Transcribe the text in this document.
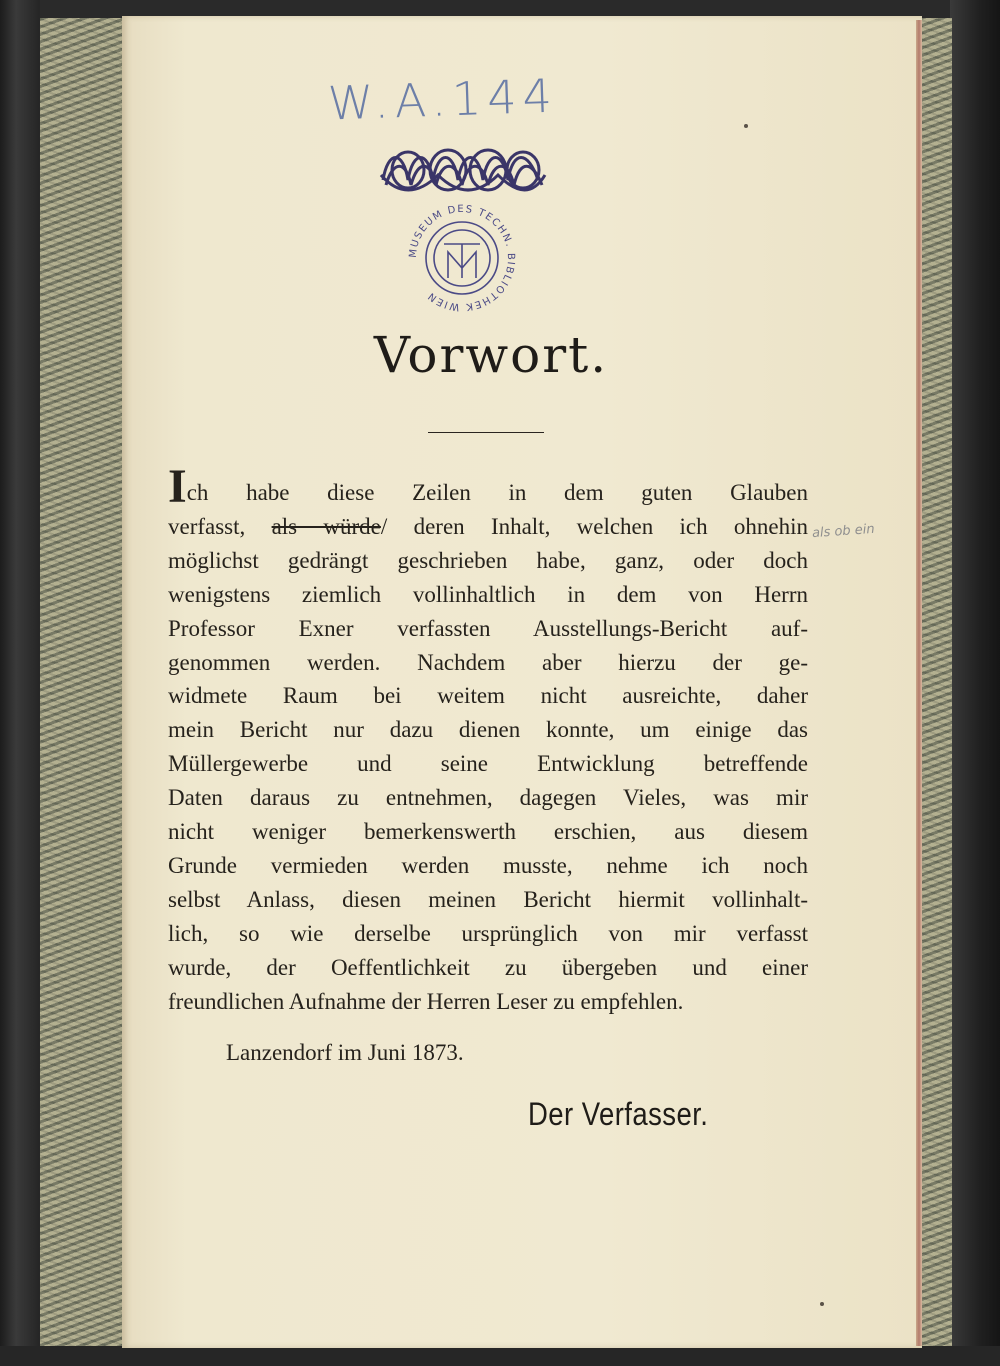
W.A.144
MUSEUM DES TECHN. BIBLIOTHEK WIEN
Vorwort.
Ich habe diese Zeilen in dem guten Glauben
verfasst, als würde/ deren Inhalt, welchen ich ohnehin
möglichst gedrängt geschrieben habe, ganz, oder doch
wenigstens ziemlich vollinhaltlich in dem von Herrn
Professor Exner verfassten Ausstellungs-Bericht auf-
genommen werden. Nachdem aber hierzu der ge-
widmete Raum bei weitem nicht ausreichte, daher
mein Bericht nur dazu dienen konnte, um einige das
Müllergewerbe und seine Entwicklung betreffende
Daten daraus zu entnehmen, dagegen Vieles, was mir
nicht weniger bemerkenswerth erschien, aus diesem
Grunde vermieden werden musste, nehme ich noch
selbst Anlass, diesen meinen Bericht hiermit vollinhalt-
lich, so wie derselbe ursprünglich von mir verfasst
wurde, der Oeffentlichkeit zu übergeben und einer
freundlichen Aufnahme der Herren Leser zu empfehlen.
als ob ein
Lanzendorf im Juni 1873.
Der Verfasser.
